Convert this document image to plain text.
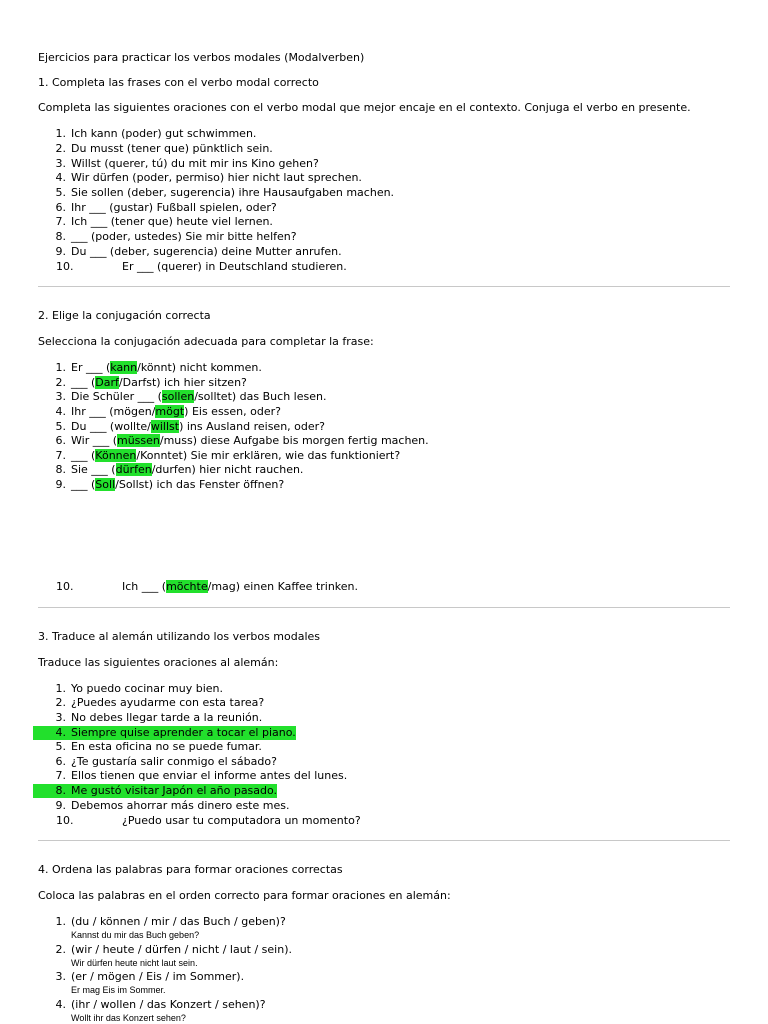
Ejercicios para practicar los verbos modales (Modalverben)
1. Completa las frases con el verbo modal correcto
Completa las siguientes oraciones con el verbo modal que mejor encaje en el contexto. Conjuga el verbo en presente.
1. Ich kann (poder) gut schwimmen.
2. Du musst (tener que) pünktlich sein.
3. Willst (querer, tú) du mit mir ins Kino gehen?
4. Wir dürfen (poder, permiso) hier nicht laut sprechen.
5. Sie sollen (deber, sugerencia) ihre Hausaufgaben machen.
6. Ihr ___ (gustar) Fußball spielen, oder?
7. Ich ___ (tener que) heute viel lernen.
8. ___ (poder, ustedes) Sie mir bitte helfen?
9. Du ___ (deber, sugerencia) deine Mutter anrufen.
10.	Er ___ (querer) in Deutschland studieren.
2. Elige la conjugación correcta
Selecciona la conjugación adecuada para completar la frase:
1. Er ___ (kann/könnt) nicht kommen.
2. ___ (Darf/Darfst) ich hier sitzen?
3. Die Schüler ___ (sollen/solltet) das Buch lesen.
4. Ihr ___ (mögen/mögt) Eis essen, oder?
5. Du ___ (wollte/willst) ins Ausland reisen, oder?
6. Wir ___ (müssen/muss) diese Aufgabe bis morgen fertig machen.
7. ___ (Können/Konntet) Sie mir erklären, wie das funktioniert?
8. Sie ___ (dürfen/durfen) hier nicht rauchen.
9. ___ (Soll/Sollst) ich das Fenster öffnen?
10.	Ich ___ (möchte/mag) einen Kaffee trinken.
3. Traduce al alemán utilizando los verbos modales
Traduce las siguientes oraciones al alemán:
1. Yo puedo cocinar muy bien.
2. ¿Puedes ayudarme con esta tarea?
3. No debes llegar tarde a la reunión.
4. Siempre quise aprender a tocar el piano.
5. En esta oficina no se puede fumar.
6. ¿Te gustaría salir conmigo el sábado?
7. Ellos tienen que enviar el informe antes del lunes.
8. Me gustó visitar Japón el año pasado.
9. Debemos ahorrar más dinero este mes.
10.	¿Puedo usar tu computadora un momento?
4. Ordena las palabras para formar oraciones correctas
Coloca las palabras en el orden correcto para formar oraciones en alemán:
1. (du / können / mir / das Buch / geben)?
Kannst du mir das Buch geben?
2. (wir / heute / dürfen / nicht / laut / sein).
Wir dürfen heute nicht laut sein.
3. (er / mögen / Eis / im Sommer).
Er mag Eis im Sommer.
4. (ihr / wollen / das Konzert / sehen)?
Wollt ihr das Konzert sehen?
